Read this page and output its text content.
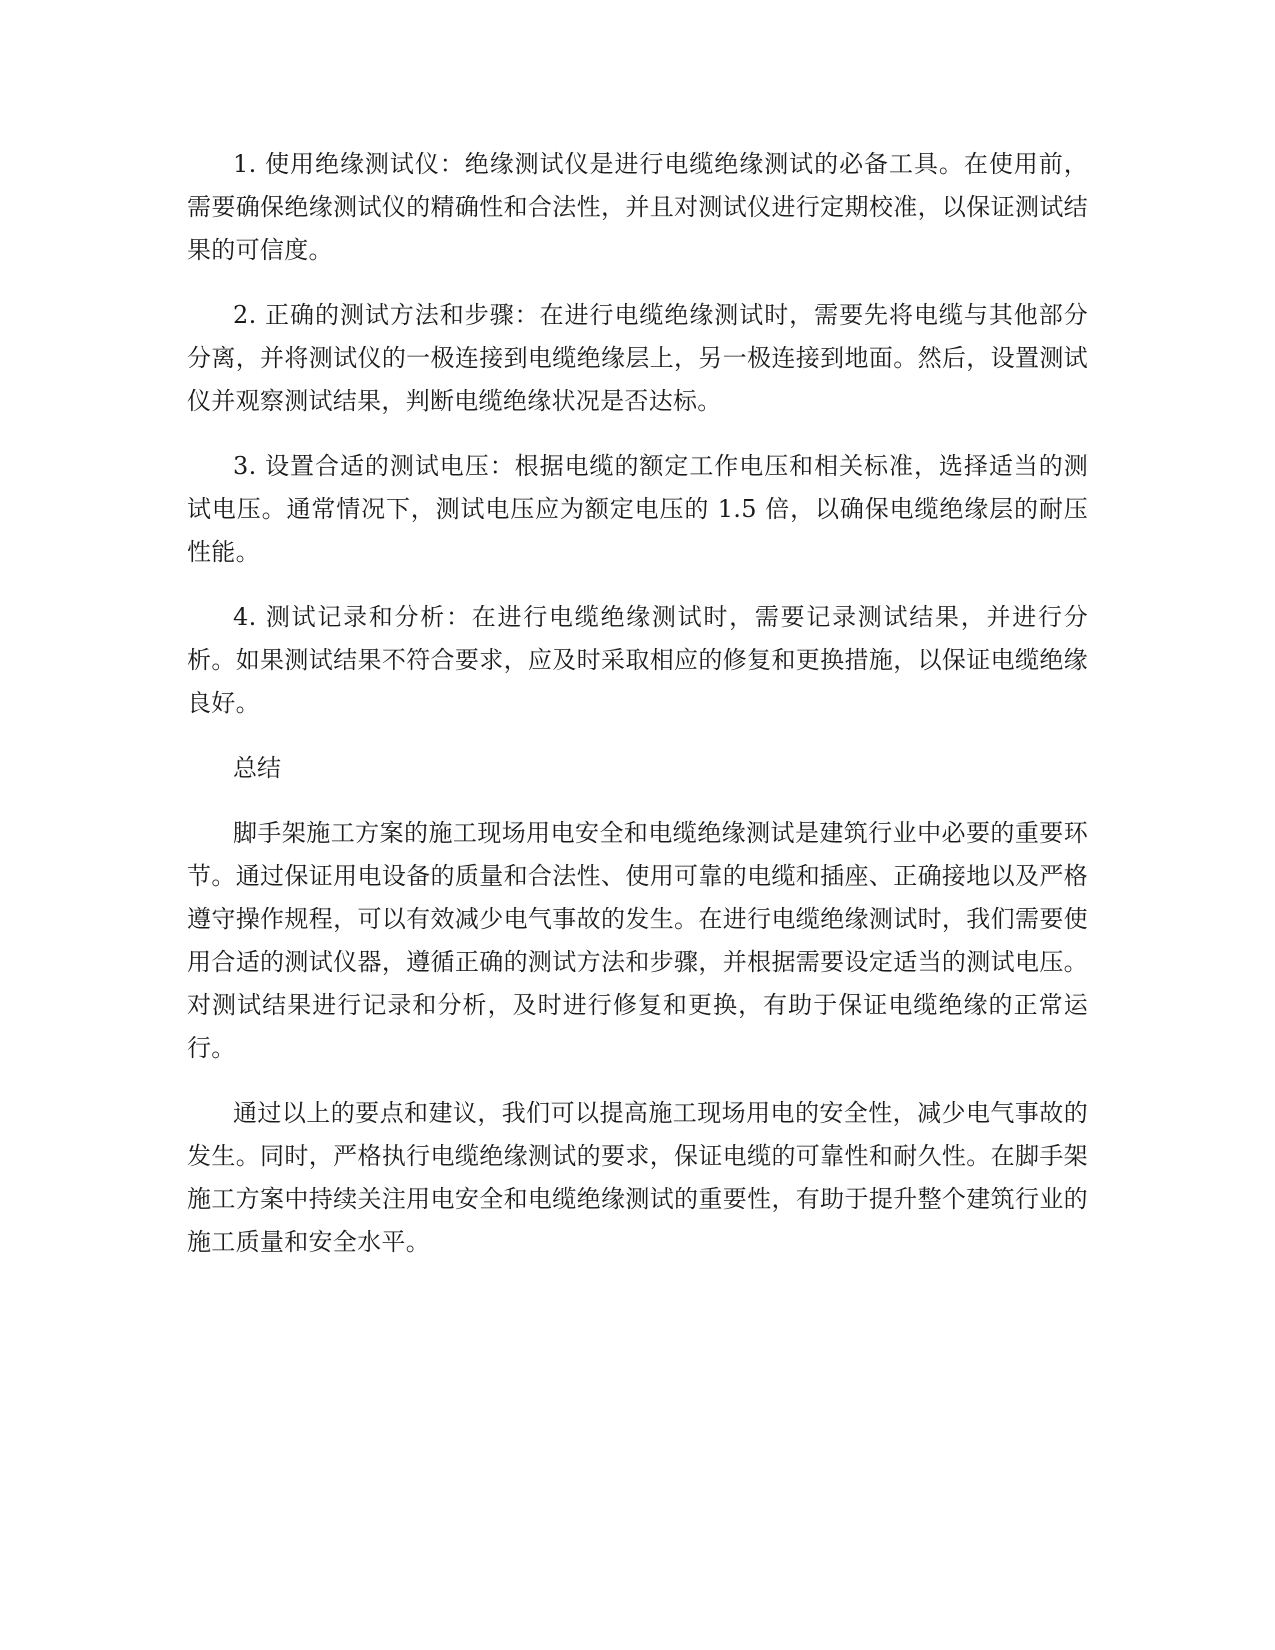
1. 使用绝缘测试仪：绝缘测试仪是进行电缆绝缘测试的必备工具。在使用前，需要确保绝缘测试仪的精确性和合法性，并且对测试仪进行定期校准，以保证测试结果的可信度。

2. 正确的测试方法和步骤：在进行电缆绝缘测试时，需要先将电缆与其他部分分离，并将测试仪的一极连接到电缆绝缘层上，另一极连接到地面。然后，设置测试仪并观察测试结果，判断电缆绝缘状况是否达标。

3. 设置合适的测试电压：根据电缆的额定工作电压和相关标准，选择适当的测试电压。通常情况下，测试电压应为额定电压的 1.5 倍，以确保电缆绝缘层的耐压性能。

4. 测试记录和分析：在进行电缆绝缘测试时，需要记录测试结果，并进行分析。如果测试结果不符合要求，应及时采取相应的修复和更换措施，以保证电缆绝缘良好。

总结

脚手架施工方案的施工现场用电安全和电缆绝缘测试是建筑行业中必要的重要环节。通过保证用电设备的质量和合法性、使用可靠的电缆和插座、正确接地以及严格遵守操作规程，可以有效减少电气事故的发生。在进行电缆绝缘测试时，我们需要使用合适的测试仪器，遵循正确的测试方法和步骤，并根据需要设定适当的测试电压。对测试结果进行记录和分析，及时进行修复和更换，有助于保证电缆绝缘的正常运行。

通过以上的要点和建议，我们可以提高施工现场用电的安全性，减少电气事故的发生。同时，严格执行电缆绝缘测试的要求，保证电缆的可靠性和耐久性。在脚手架施工方案中持续关注用电安全和电缆绝缘测试的重要性，有助于提升整个建筑行业的施工质量和安全水平。
